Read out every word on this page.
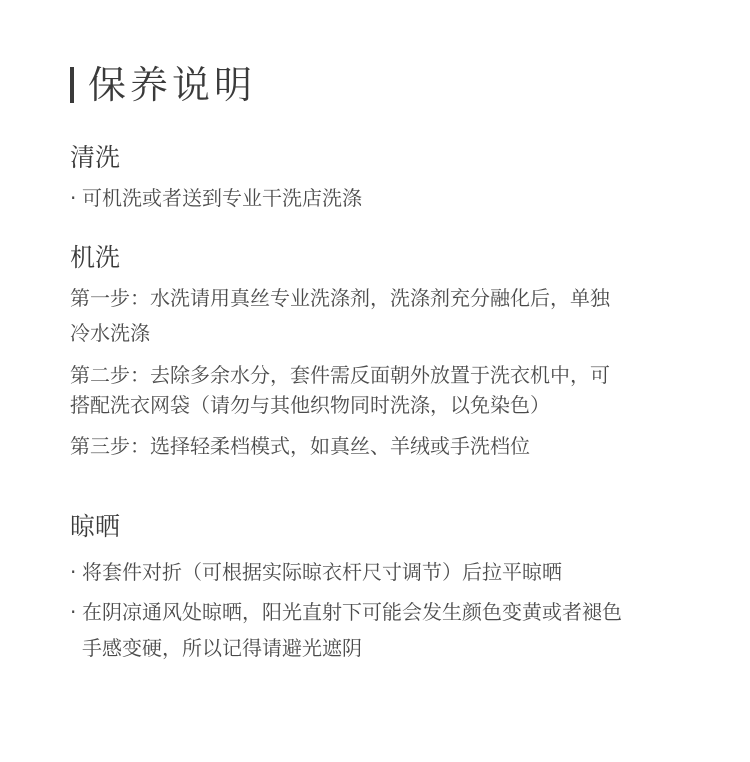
保养说明
清洗
· 可机洗或者送到专业干洗店洗涤
机洗
第一步：水洗请用真丝专业洗涤剂，洗涤剂充分融化后，单独
冷水洗涤
第二步：去除多余水分，套件需反面朝外放置于洗衣机中，可
搭配洗衣网袋（请勿与其他织物同时洗涤，以免染色）
第三步：选择轻柔档模式，如真丝、羊绒或手洗档位
晾晒
· 将套件对折（可根据实际晾衣杆尺寸调节）后拉平晾晒
· 在阴凉通风处晾晒，阳光直射下可能会发生颜色变黄或者褪色
手感变硬，所以记得请避光遮阴
